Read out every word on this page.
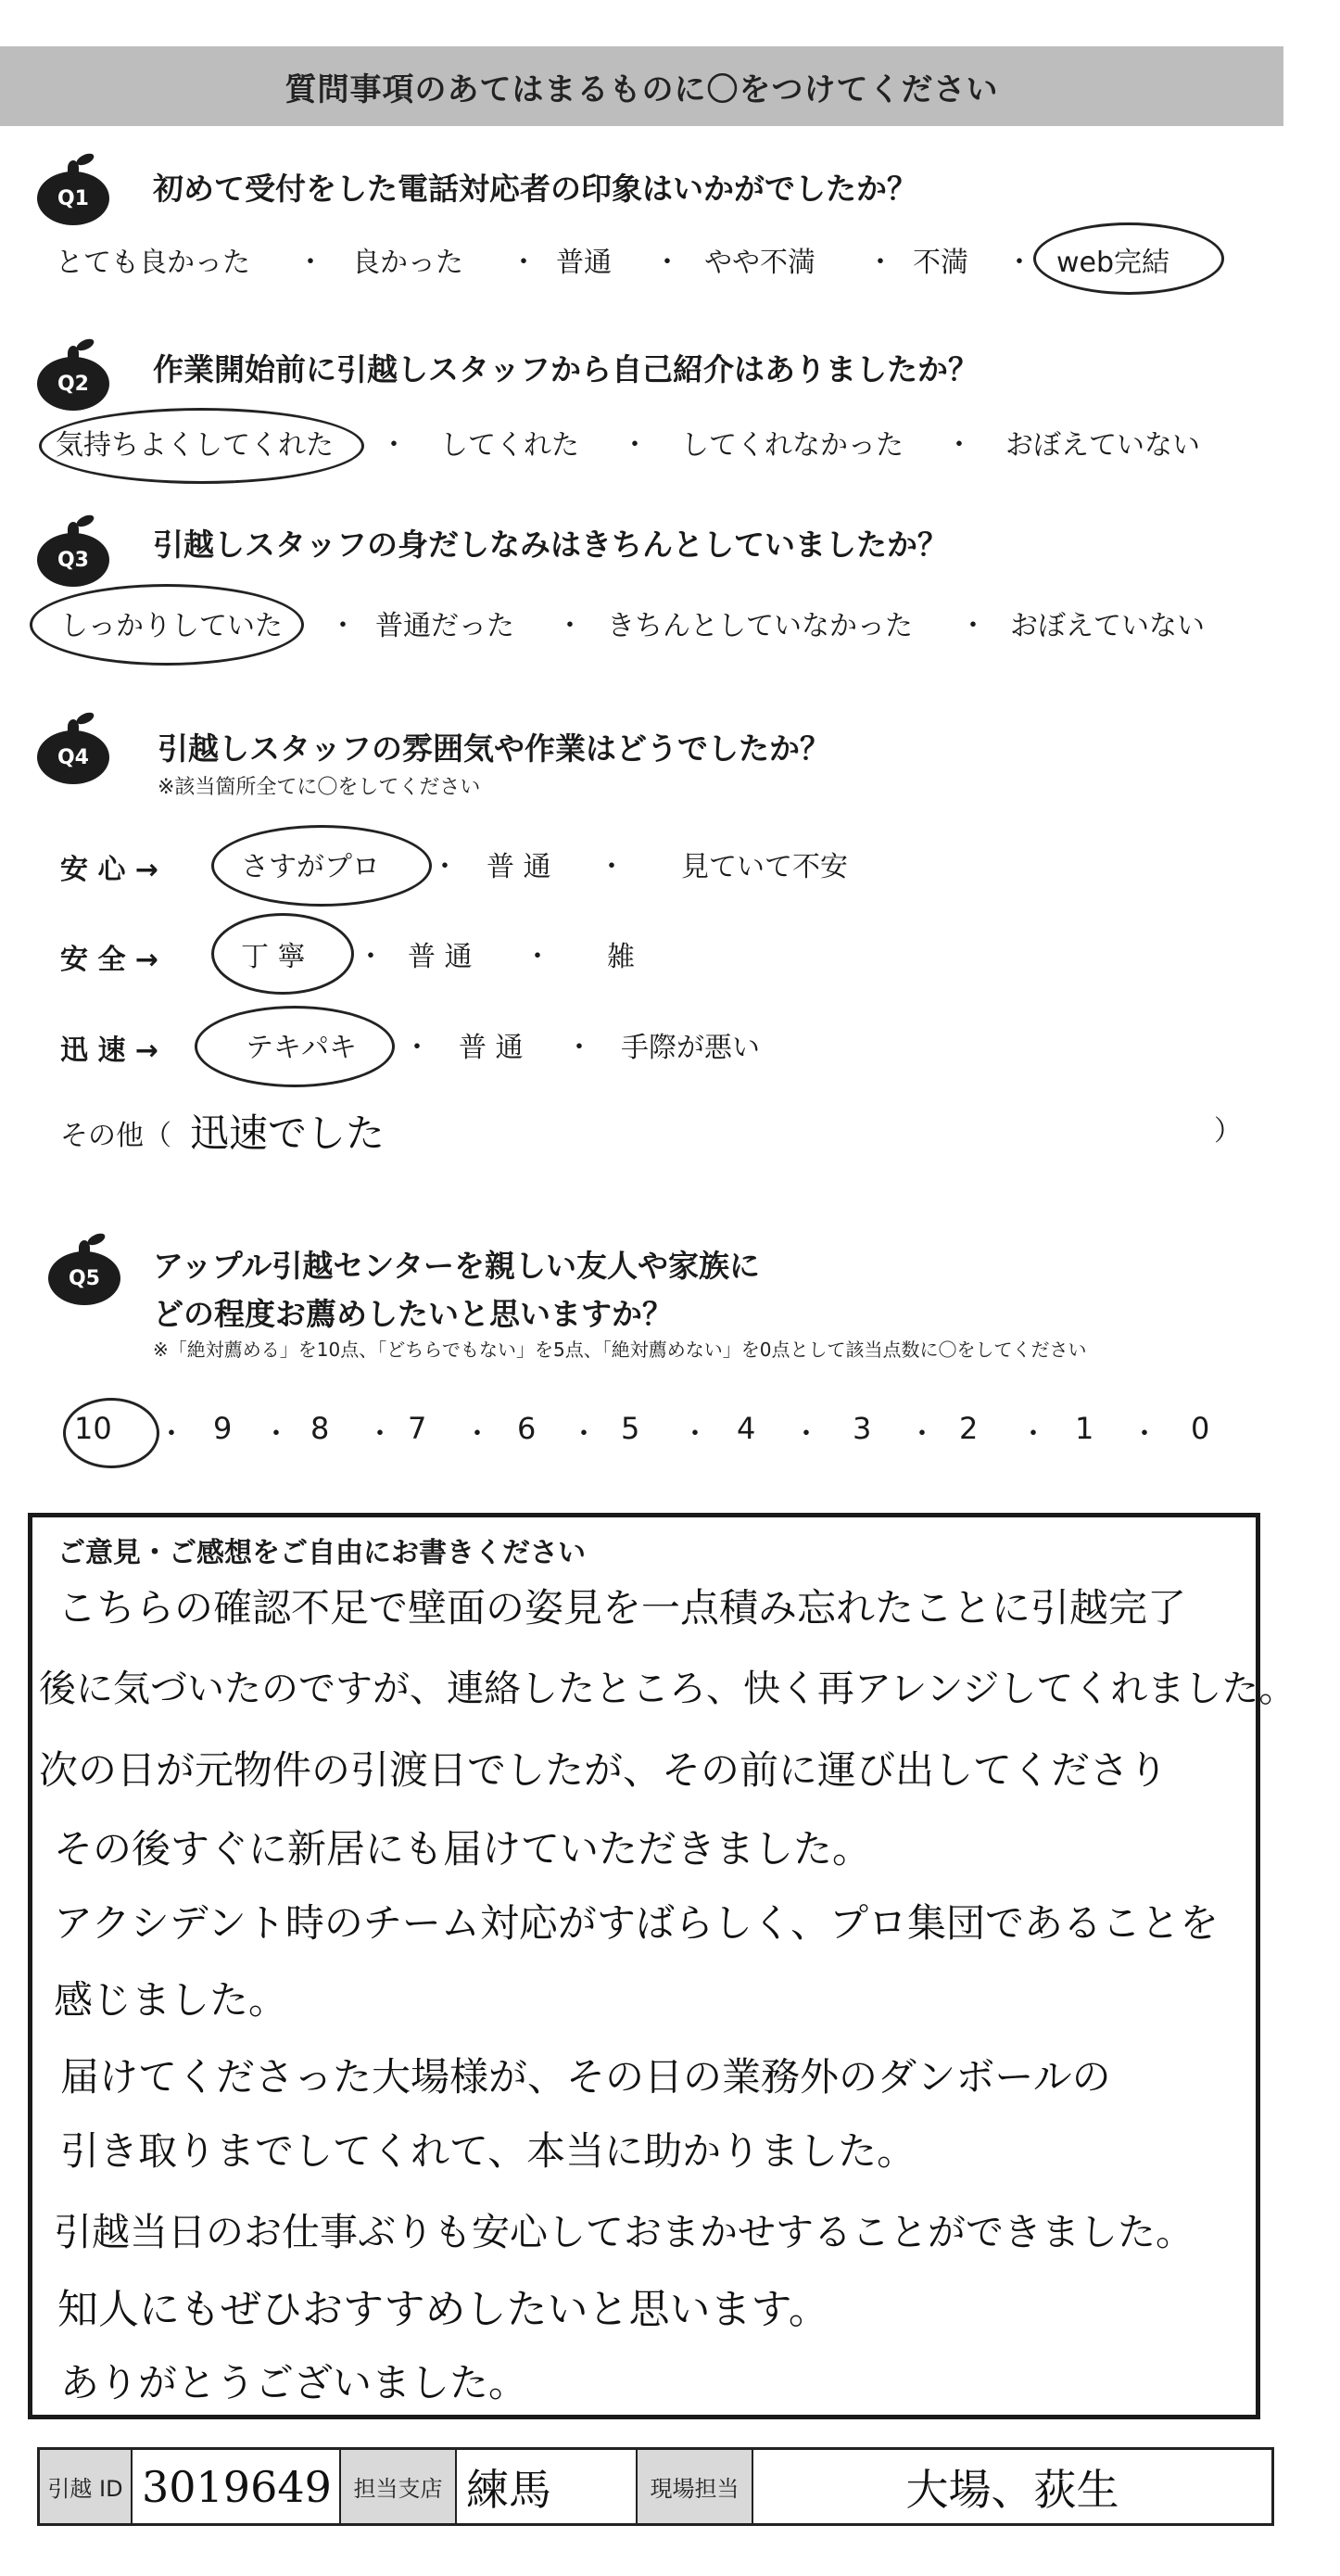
質問事項のあてはまるものに〇をつけてください
Q1 初めて受付をした電話対応者の印象はいかがでしたか？
とても良かった ・ 良かった ・ 普通 ・ やや不満 ・ 不満 ・ web完結
Q2 作業開始前に引越しスタッフから自己紹介はありましたか？
気持ちよくしてくれた ・ してくれた ・ してくれなかった ・ おぼえていない
Q3 引越しスタッフの身だしなみはきちんとしていましたか？
しっかりしていた ・ 普通だった ・ きちんとしていなかった ・ おぼえていない
Q4 引越しスタッフの雰囲気や作業はどうでしたか？
※該当箇所全てに〇をしてください
安 心 →	さすがプロ ・ 普 通 ・ 見ていて不安
安 全 →	丁 寧 ・ 普 通 ・ 雑
迅 速 →	テキパキ ・ 普 通 ・ 手際が悪い
その他（ 迅速でした	）
Q5 アップル引越センターを親しい友人や家族に
どの程度お薦めしたいと思いますか？
※「絶対薦める」を10点、「どちらでもない」を5点、「絶対薦めない」を0点として該当点数に〇をしてください
10 ・ 9 ・ 8 ・ 7 ・ 6 ・ 5 ・ 4 ・ 3 ・ 2 ・ 1 ・ 0
ご意見・ご感想をご自由にお書きください
こちらの確認不足で壁面の姿見を一点積み忘れたことに引越完了
後に気づいたのですが、連絡したところ、快く再アレンジしてくれました。
次の日が元物件の引渡日でしたが、その前に運び出してくださり
その後すぐに新居にも届けていただきました。
アクシデント時のチーム対応がすばらしく、プロ集団であることを
感じました。
届けてくださった大場様が、その日の業務外のダンボールの
引き取りまでしてくれて、本当に助かりました。
引越当日のお仕事ぶりも安心しておまかせすることができました。
知人にもぜひおすすめしたいと思います。
ありがとうございました。
引越 ID 3019649 担当支店 練馬	現場担当	大場、荻生
